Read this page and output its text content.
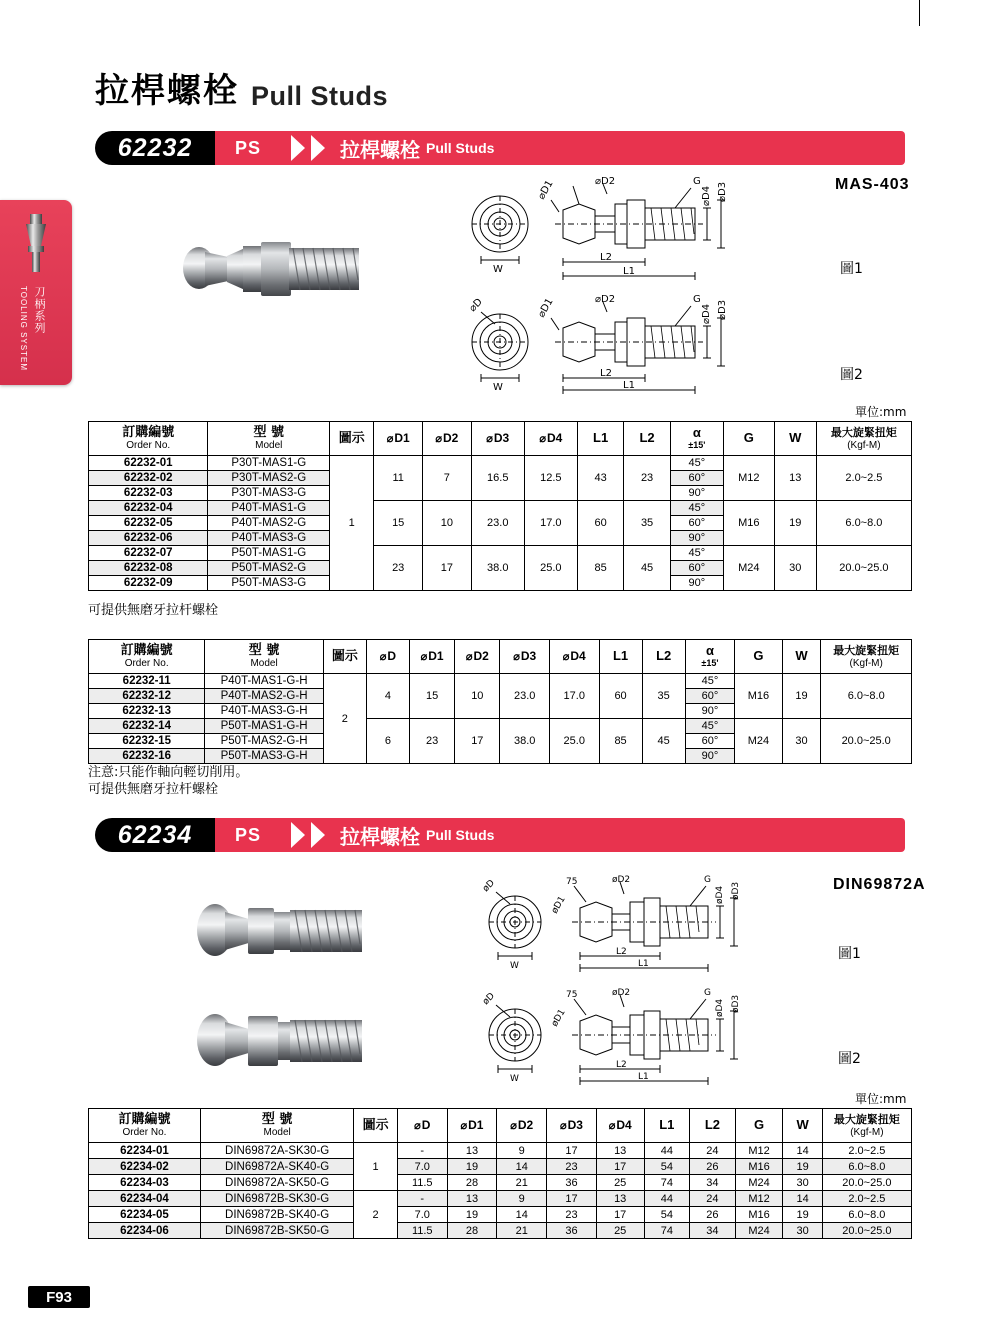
拉桿螺栓 Pull Studs
刀柄系列 TOOLING SYSTEM
62232	PS	拉桿螺栓 Pull Studs
MAS-403
W
⌀D1	⌀D2	G
L2
L1
⌀D4 ⌀D3
圖1
⌀D
W
⌀D1	⌀D2	G
L2
L1
⌀D4 ⌀D3
圖2
單位:mm
訂購編號
Order No.	型 號
Model	圖示	⌀ D1	⌀ D2	⌀ D3	⌀ D4	L1	L2	α
±15'	G	W	最大旋緊扭矩
(Kgf-M)

62232-01	P30T-MAS1-G	1	11	7	16.5	12.5	43	23	45°	M12	13	2.0~2.5
62232-02	P30T-MAS2-G								60°			
62232-03	P30T-MAS3-G								90°			
62232-04	P40T-MAS1-G		15	10	23.0	17.0	60	35	45°	M16	19	6.0~8.0
62232-05	P40T-MAS2-G								60°			
62232-06	P40T-MAS3-G								90°			
62232-07	P50T-MAS1-G		23	17	38.0	25.0	85	45	45°	M24	30	20.0~25.0
62232-08	P50T-MAS2-G								60°			
62232-09	P50T-MAS3-G								90°			
可提供無磨牙拉杆螺栓
訂購編號
Order No.	型 號
Model	圖示	⌀ D	⌀ D1	⌀ D2	⌀ D3	⌀ D4	L1	L2	α
±15'	G	W	最大旋緊扭矩
(Kgf-M)

62232-11	P40T-MAS1-G-H	2	4	15	10	23.0	17.0	60	35	45°	M16	19	6.0~8.0
62232-12	P40T-MAS2-G-H									60°			
62232-13	P40T-MAS3-G-H									90°			
62232-14	P50T-MAS1-G-H		6	23	17	38.0	25.0	85	45	45°	M24	30	20.0~25.0
62232-15	P50T-MAS2-G-H									60°			
62232-16	P50T-MAS3-G-H									90°			
注意:只能作軸向輕切削用。
可提供無磨牙拉杆螺栓
62234	PS	拉桿螺栓 Pull Studs
DIN69872A
øD
W
75	øD2	G
L2
L1
øD1	øD4 øD3
圖1
øD
W
75	øD2	G
L2
L1
øD1	øD4 øD3
圖2
單位:mm
訂購編號
Order No.	型 號
Model	圖示	⌀ D	⌀ D1	⌀ D2	⌀ D3	⌀ D4	L1	L2	G	W	最大旋緊扭矩
(Kgf-M)

62234-01	DIN69872A-SK30-G	1	-	13	9	17	13	44	24	M12	14	2.0~2.5
62234-02	DIN69872A-SK40-G		7.0	19	14	23	17	54	26	M16	19	6.0~8.0
62234-03	DIN69872A-SK50-G		11.5	28	21	36	25	74	34	M24	30	20.0~25.0
62234-04	DIN69872B-SK30-G	2	-	13	9	17	13	44	24	M12	14	2.0~2.5
62234-05	DIN69872B-SK40-G		7.0	19	14	23	17	54	26	M16	19	6.0~8.0
62234-06	DIN69872B-SK50-G		11.5	28	21	36	25	74	34	M24	30	20.0~25.0
F93
